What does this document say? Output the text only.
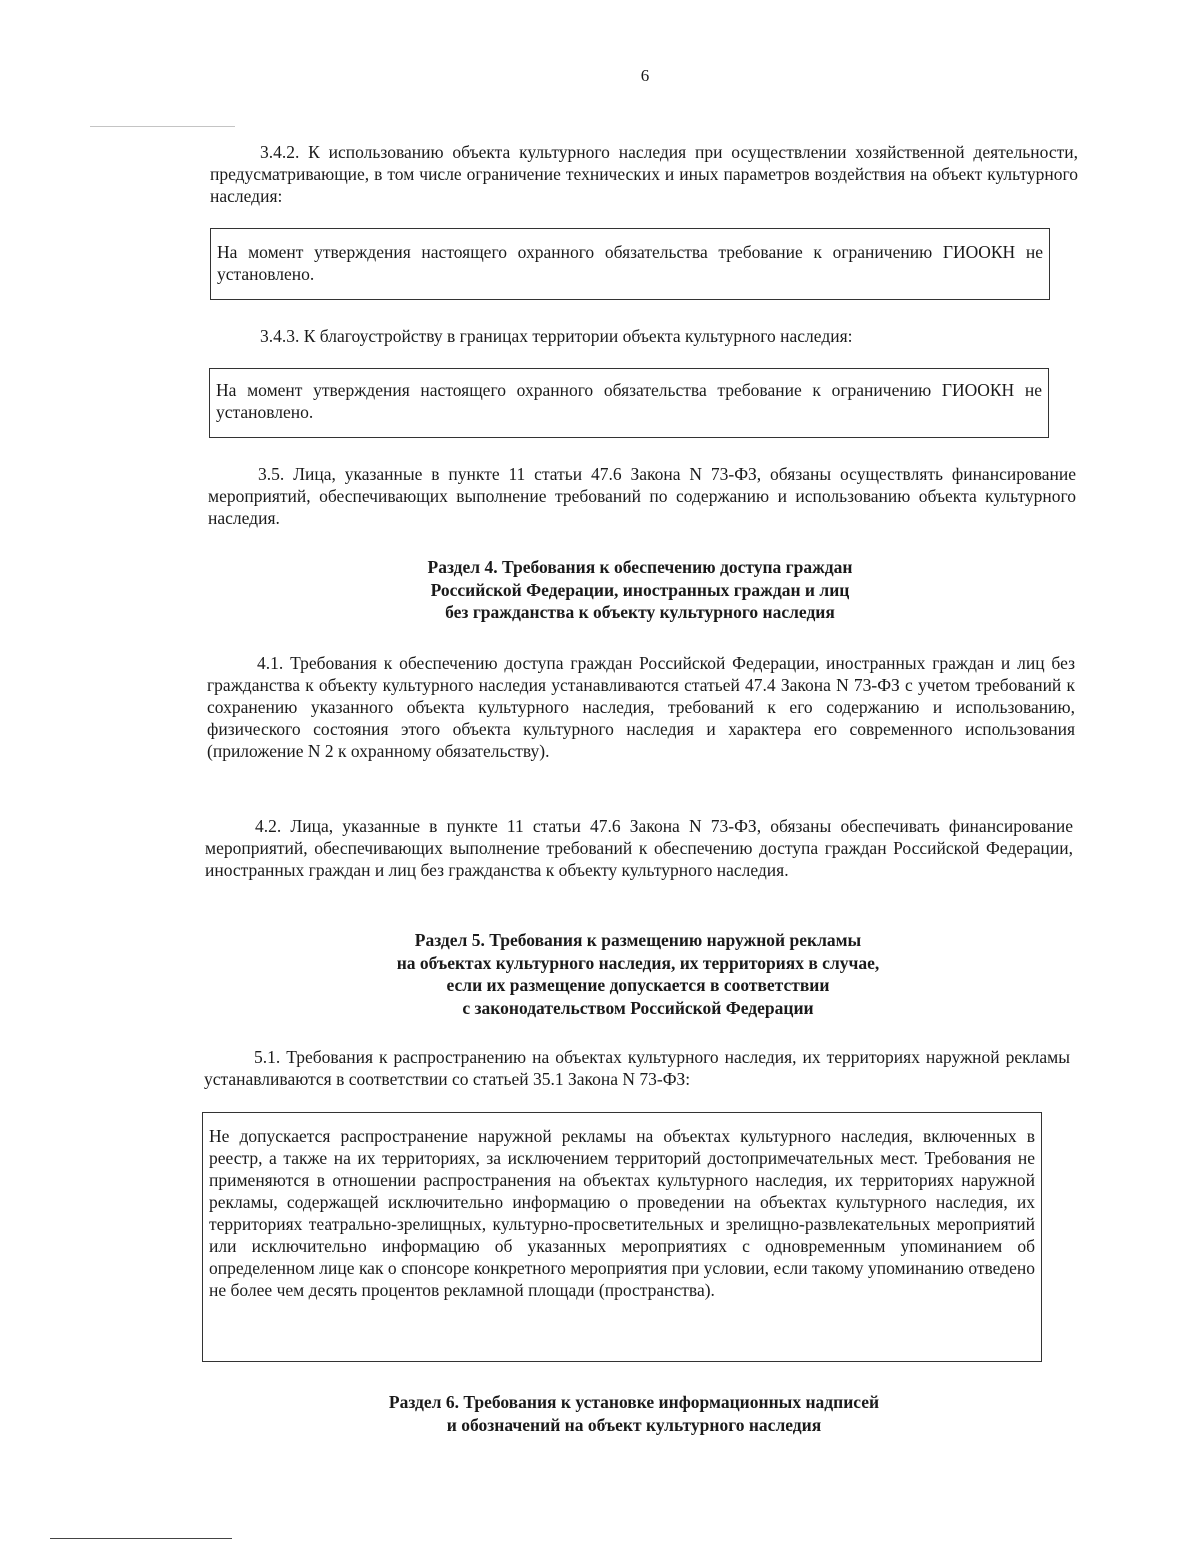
6
3.4.2. К использованию объекта культурного наследия при осуществлении хозяйственной деятельности, предусматривающие, в том числе ограничение технических и иных параметров воздействия на объект культурного наследия:
На момент утверждения настоящего охранного обязательства требование к ограничению ГИООКН не установлено.
3.4.3. К благоустройству в границах территории объекта культурного наследия:
На момент утверждения настоящего охранного обязательства требование к ограничению ГИООКН не установлено.
3.5. Лица, указанные в пункте 11 статьи 47.6 Закона N 73-ФЗ, обязаны осуществлять финансирование мероприятий, обеспечивающих выполнение требований по содержанию и использованию объекта культурного наследия.
Раздел 4. Требования к обеспечению доступа граждан
Российской Федерации, иностранных граждан и лиц
без гражданства к объекту культурного наследия
4.1. Требования к обеспечению доступа граждан Российской Федерации, иностранных граждан и лиц без гражданства к объекту культурного наследия устанавливаются статьей 47.4 Закона N 73-ФЗ с учетом требований к сохранению указанного объекта культурного наследия, требований к его содержанию и использованию, физического состояния этого объекта культурного наследия и характера его современного использования (приложение N 2 к охранному обязательству).
4.2. Лица, указанные в пункте 11 статьи 47.6 Закона N 73-ФЗ, обязаны обеспечивать финансирование мероприятий, обеспечивающих выполнение требований к обеспечению доступа граждан Российской Федерации, иностранных граждан и лиц без гражданства к объекту культурного наследия.
Раздел 5. Требования к размещению наружной рекламы
на объектах культурного наследия, их территориях в случае,
если их размещение допускается в соответствии
с законодательством Российской Федерации
5.1. Требования к распространению на объектах культурного наследия, их территориях наружной рекламы устанавливаются в соответствии со статьей 35.1 Закона N 73-ФЗ:
Не допускается распространение наружной рекламы на объектах культурного наследия, включенных в реестр, а также на их территориях, за исключением территорий достопримечательных мест. Требования не применяются в отношении распространения на объектах культурного наследия, их территориях наружной рекламы, содержащей исключительно информацию о проведении на объектах культурного наследия, их территориях театрально-зрелищных, культурно-просветительных и зрелищно-развлекательных мероприятий или исключительно информацию об указанных мероприятиях с одновременным упоминанием об определенном лице как о спонсоре конкретного мероприятия при условии, если такому упоминанию отведено не более чем десять процентов рекламной площади (пространства).
Раздел 6. Требования к установке информационных надписей
и обозначений на объект культурного наследия
